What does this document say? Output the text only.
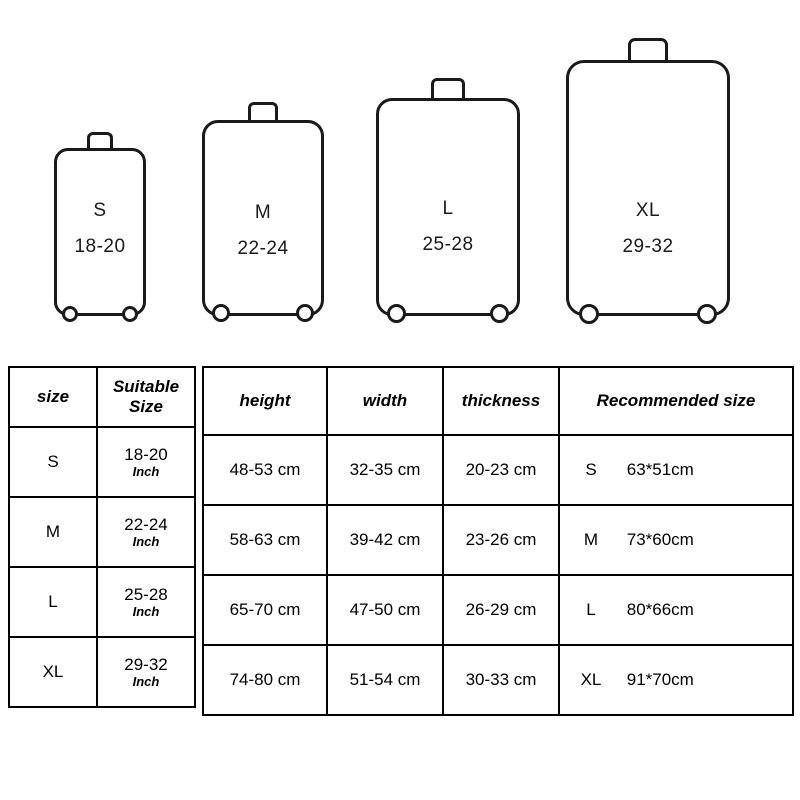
S
18-20
M
22-24
L
25-28
XL
29-32
size	Suitable Size
S	18-20
Inch

M	22-24
Inch

L	25-28
Inch

XL	29-32
Inch
height	width	thickness	Recommended size
48-53 cm	32-35 cm	20-23 cm	S 63*51cm
58-63 cm	39-42 cm	23-26 cm	M 73*60cm
65-70 cm	47-50 cm	26-29 cm	L 80*66cm
74-80 cm	51-54 cm	30-33 cm	XL 91*70cm
